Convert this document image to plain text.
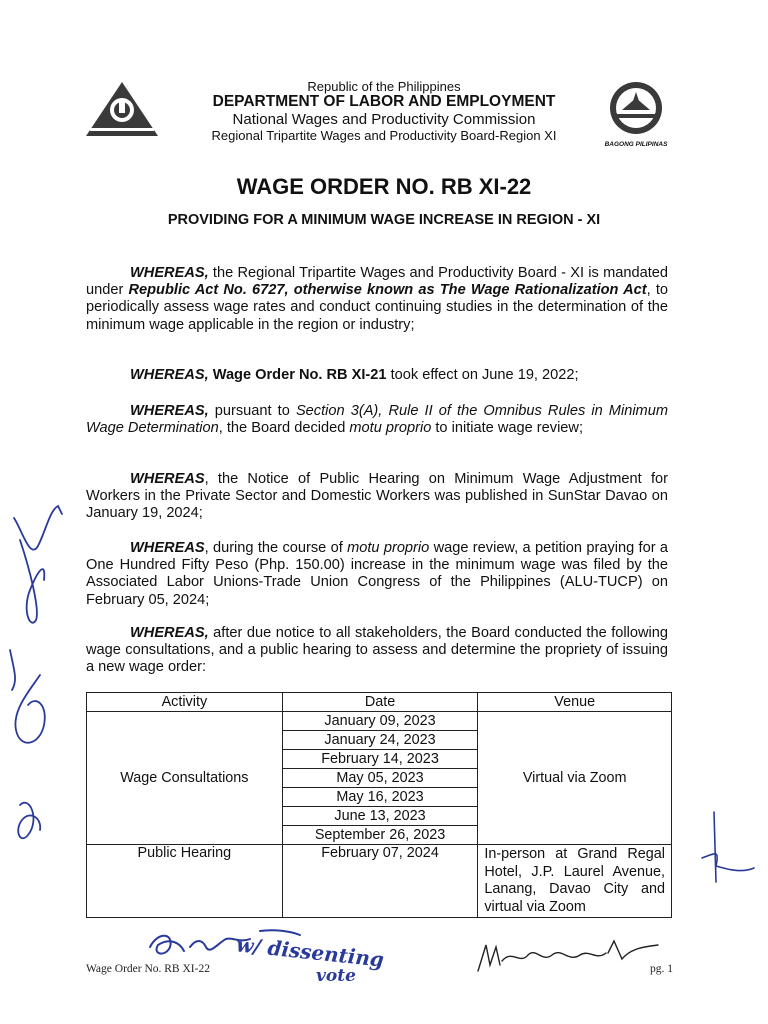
BAGONG PILIPINAS
Republic of the Philippines
DEPARTMENT OF LABOR AND EMPLOYMENT
National Wages and Productivity Commission
Regional Tripartite Wages and Productivity Board-Region XI
WAGE ORDER NO. RB XI-22
PROVIDING FOR A MINIMUM WAGE INCREASE IN REGION - XI
WHEREAS, the Regional Tripartite Wages and Productivity Board - XI is mandated under Republic Act No. 6727, otherwise known as The Wage Rationalization Act, to periodically assess wage rates and conduct continuing studies in the determination of the minimum wage applicable in the region or industry;
WHEREAS, Wage Order No. RB XI-21 took effect on June 19, 2022;
WHEREAS, pursuant to Section 3(A), Rule II of the Omnibus Rules in Minimum Wage Determination, the Board decided motu proprio to initiate wage review;
WHEREAS, the Notice of Public Hearing on Minimum Wage Adjustment for Workers in the Private Sector and Domestic Workers was published in SunStar Davao on January 19, 2024;
WHEREAS, during the course of motu proprio wage review, a petition praying for a One Hundred Fifty Peso (Php. 150.00) increase in the minimum wage was filed by the Associated Labor Unions-Trade Union Congress of the Philippines (ALU-TUCP) on February 05, 2024;
WHEREAS, after due notice to all stakeholders, the Board conducted the following wage consultations, and a public hearing to assess and determine the propriety of issuing a new wage order:
Activity	Date	Venue
Wage Consultations	January 09, 2023	Virtual via Zoom
	January 24, 2023	
	February 14, 2023	
	May 05, 2023	
	May 16, 2023	
	June 13, 2023	
	September 26, 2023	
Public Hearing	February 07, 2024	In-person at Grand Regal Hotel, J.P. Laurel Avenue, Lanang, Davao City and virtual via Zoom
w/ dissenting
vote
Wage Order No. RB XI-22	pg. 1
